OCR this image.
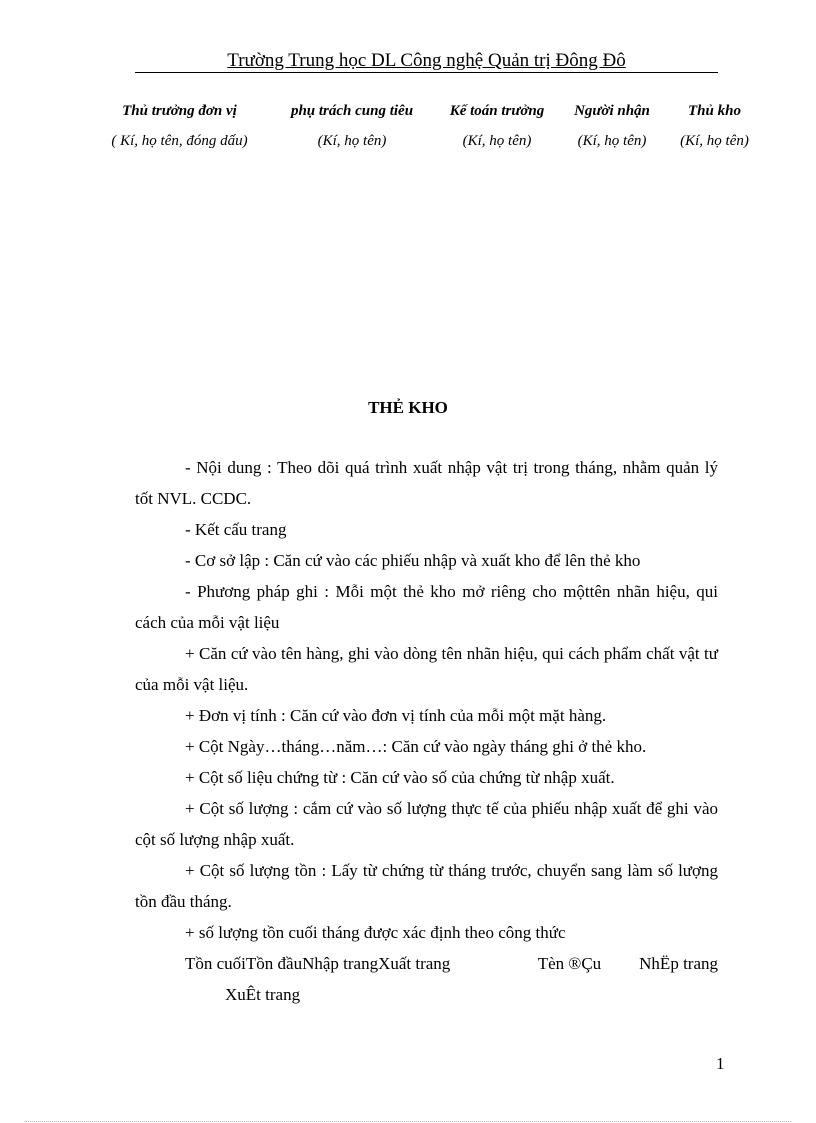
Trường Trung học DL Công nghệ Quản trị Đông Đô
Thủ trưởng đơn vị	phụ trách cung tiêu	Kế toán trưởng	Người nhận	Thủ kho
( Kí, họ tên, đóng dấu)	(Kí, họ tên)	(Kí, họ tên)	(Kí, họ tên)	(Kí, họ tên)
THẺ KHO

- Nội dung : Theo dõi quá trình xuất nhập vật trị trong tháng, nhằm quản lý tốt NVL. CCDC.

- Kết cấu trang

- Cơ sở lập : Căn cứ vào các phiếu nhập và xuất kho để lên thẻ kho

- Phương pháp ghi : Mỗi một thẻ kho mở riêng cho mộttên nhãn hiệu, qui cách của mỗi vật liệu

+ Căn cứ vào tên hàng, ghi vào dòng tên nhãn hiệu, qui cách phẩm chất vật tư của mỗi vật liệu.

+ Đơn vị tính : Căn cứ vào đơn vị tính của mỗi một mặt hàng.

+ Cột Ngày…tháng…năm…: Căn cứ vào ngày tháng ghi ở thẻ kho.

+ Cột số liệu chứng từ : Căn cứ vào số của chứng từ nhập xuất.

+ Cột số lượng : cắm cứ vào số lượng thực tế của phiếu nhập xuất để ghi vào cột số lượng nhập xuất.

+ Cột số lượng tồn : Lấy từ chứng từ tháng trước, chuyển sang làm số lượng tồn đầu tháng.

+ số lượng tồn cuối tháng được xác định theo công thức

Tồn cuốiTồn đầuNhập trangXuất trang	Tèn ®Çu NhËp trang
XuÊt trang
1
